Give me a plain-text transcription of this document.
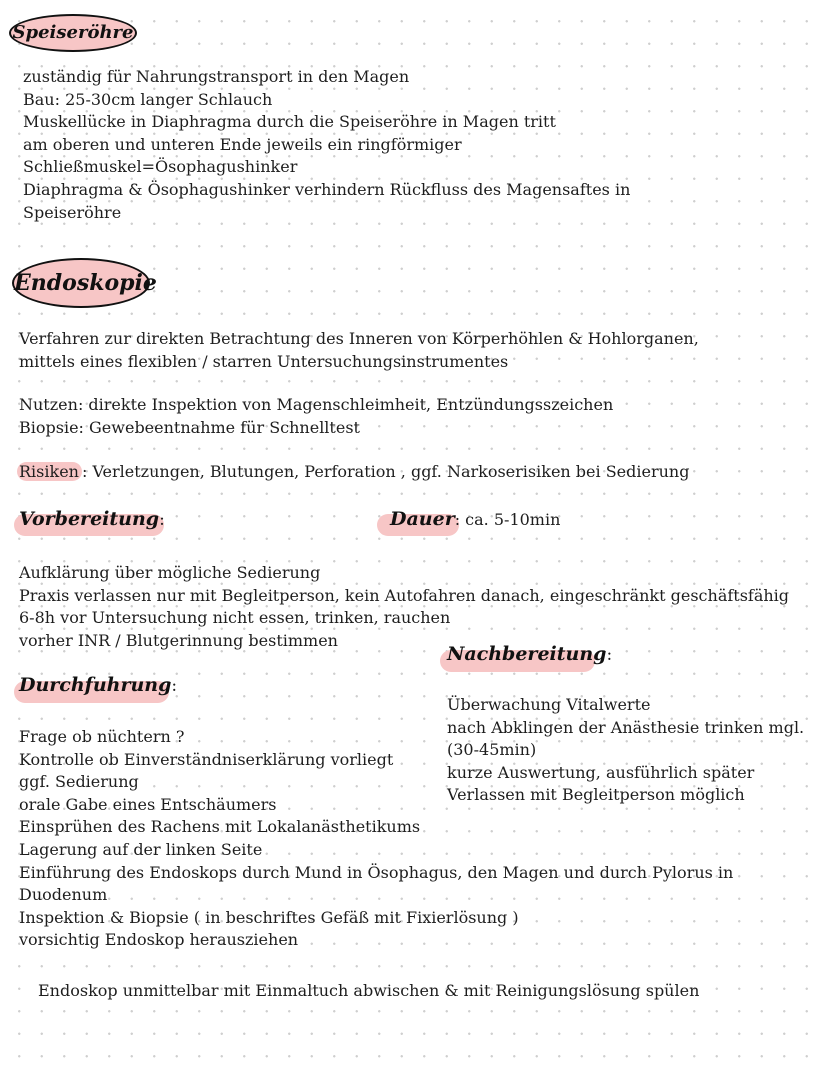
Speiseröhre
zuständig für Nahrungstransport in den Magen
Bau: 25-30cm langer Schlauch
Muskellücke in Diaphragma durch die Speiseröhre in Magen tritt
am oberen und unteren Ende jeweils ein ringförmiger
Schließmuskel=Ösophagushinker
Diaphragma & Ösophagushinker verhindern Rückfluss des Magensaftes in
Speiseröhre
Endoskopie
Verfahren zur direkten Betrachtung des Inneren von Körperhöhlen & Hohlorganen,
mittels eines flexiblen / starren Untersuchungsinstrumentes
Nutzen: direkte Inspektion von Magenschleimheit, Entzündungsszeichen
Biopsie: Gewebeentnahme für Schnelltest
Risiken : Verletzungen, Blutungen, Perforation , ggf. Narkoserisiken bei Sedierung
Vorbereitung:	Dauer: ca. 5-10min
Aufklärung über mögliche Sedierung
Praxis verlassen nur mit Begleitperson, kein Autofahren danach, eingeschränkt geschäftsfähig
6-8h vor Untersuchung nicht essen, trinken, rauchen
vorher INR / Blutgerinnung bestimmen
Nachbereitung:
Überwachung Vitalwerte
nach Abklingen der Anästhesie trinken mgl.
(30-45min)
kurze Auswertung, ausführlich später
Verlassen mit Begleitperson möglich
Durchfuhrung:
Frage ob nüchtern ?
Kontrolle ob Einverständniserklärung vorliegt
ggf. Sedierung
orale Gabe eines Entschäumers
Einsprühen des Rachens mit Lokalanästhetikums
Lagerung auf der linken Seite
Einführung des Endoskops durch Mund in Ösophagus, den Magen und durch Pylorus in
Duodenum
Inspektion & Biopsie ( in beschriftes Gefäß mit Fixierlösung )
vorsichtig Endoskop herausziehen
Endoskop unmittelbar mit Einmaltuch abwischen & mit Reinigungslösung spülen
